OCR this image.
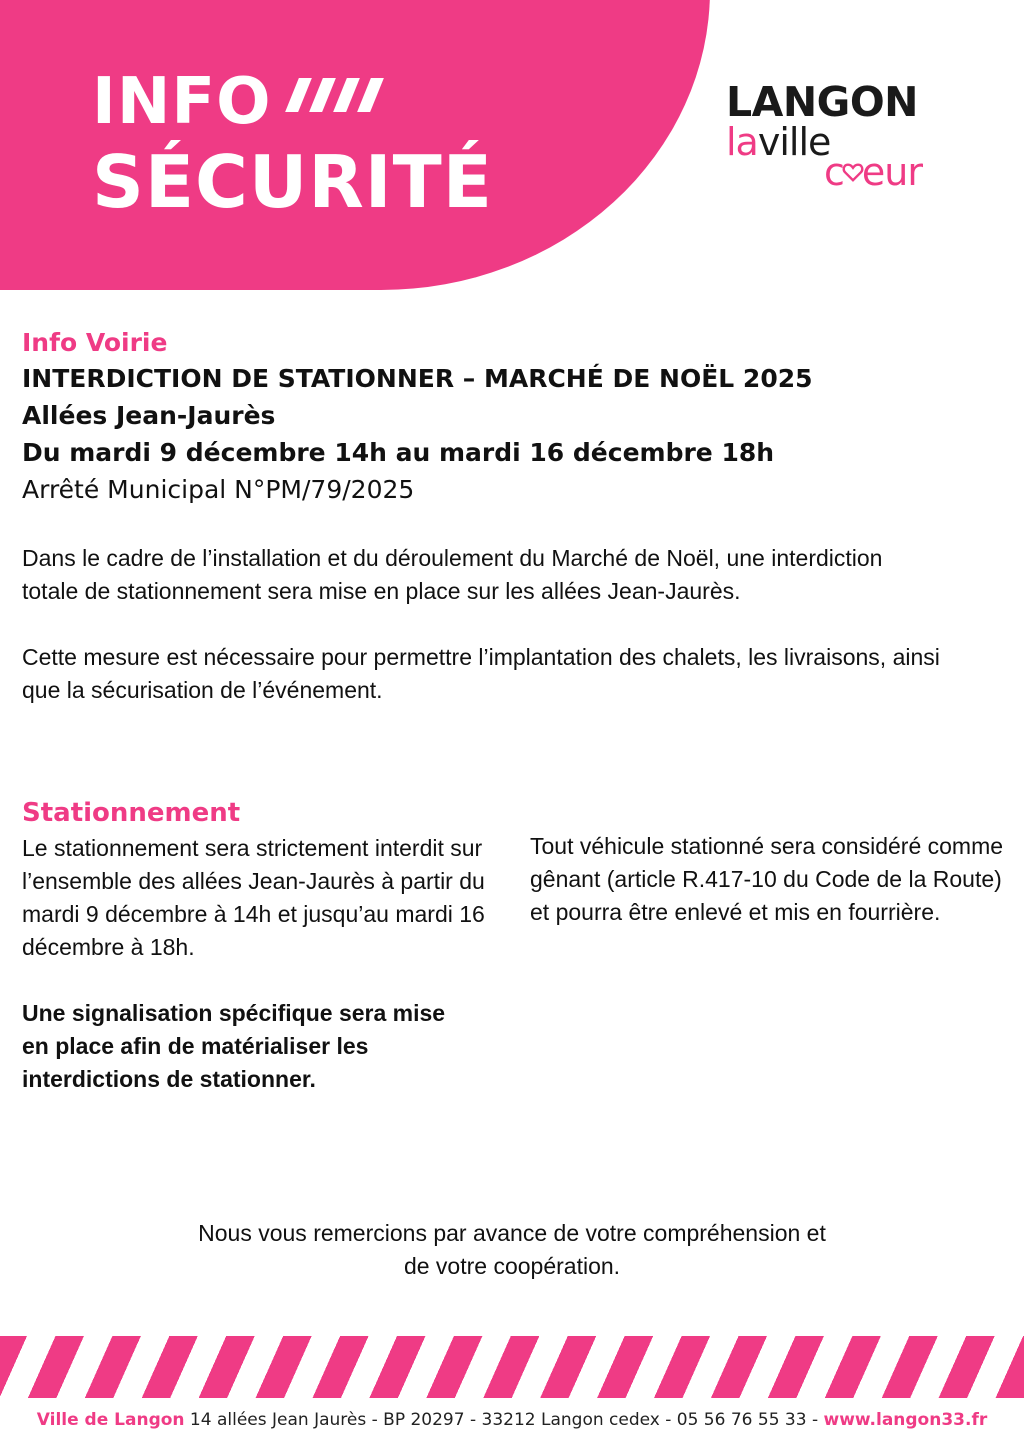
INFO
SÉCURITÉ
LANGON
laville
c eur

Info Voirie

INTERDICTION DE STATIONNER – MARCHÉ DE NOËL 2025

Allées Jean-Jaurès

Du mardi 9 décembre 14h au mardi 16 décembre 18h

Arrêté Municipal N°PM/79/2025

Dans le cadre de l’installation et du déroulement du Marché de Noël, une interdiction totale de stationnement sera mise en place sur les allées Jean-Jaurès.

Cette mesure est nécessaire pour permettre l’implantation des chalets, les livraisons, ainsi que la sécurisation de l’événement.

Stationnement

Le stationnement sera strictement interdit sur l’ensemble des allées Jean-Jaurès à partir du mardi 9 décembre à 14h et jusqu’au mardi 16 décembre à 18h.

Une signalisation spécifique sera mise en place afin de matérialiser les interdictions de stationner.

Tout véhicule stationné sera considéré comme gênant (article R.417-10 du Code de la Route) et pourra être enlevé et mis en fourrière.

Nous vous remercions par avance de votre compréhension et
de votre coopération.
Ville de Langon 14 allées Jean Jaurès - BP 20297 - 33212 Langon cedex - 05 56 76 55 33 - www.langon33.fr
